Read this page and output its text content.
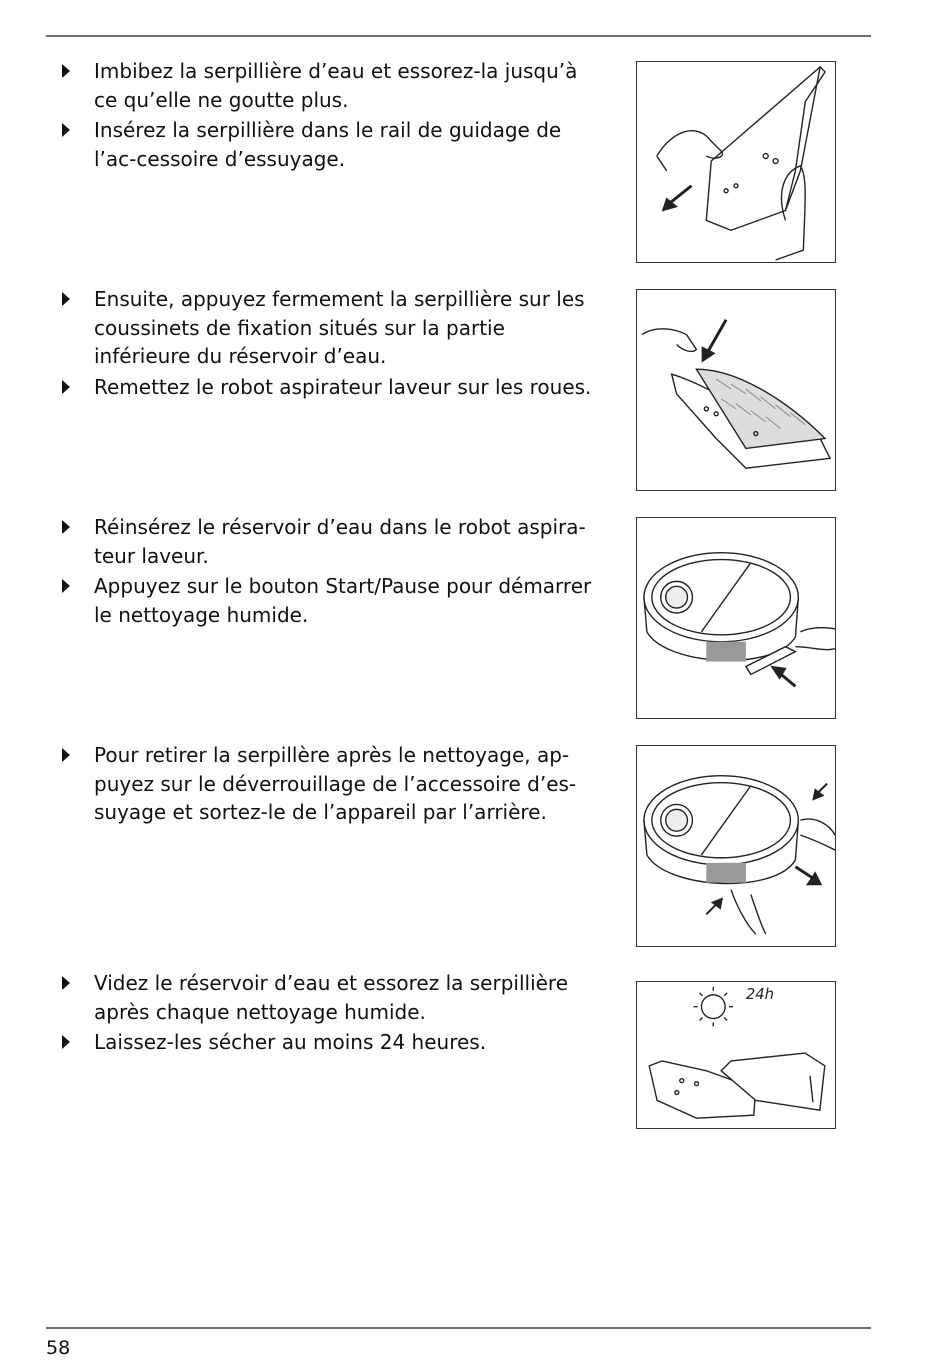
Imbibez la serpillière d’eau et essorez-la jusqu’à ce qu’elle ne goutte plus.
Insérez la serpillière dans le rail de guidage de l’ac-cessoire d’essuyage.
Ensuite, appuyez fermement la serpillière sur les coussinets de fixation situés sur la partie inférieure du réservoir d’eau.
Remettez le robot aspirateur laveur sur les roues.
Réinsérez le réservoir d’eau dans le robot aspira-teur laveur.
Appuyez sur le bouton Start/Pause pour démarrer le nettoyage humide.
Pour retirer la serpillère après le nettoyage, ap-puyez sur le déverrouillage de l’accessoire d’es-suyage et sortez-le de l’appareil par l’arrière.
Videz le réservoir d’eau et essorez la serpillière après chaque nettoyage humide.
Laissez-les sécher au moins 24 heures.
24h
58
